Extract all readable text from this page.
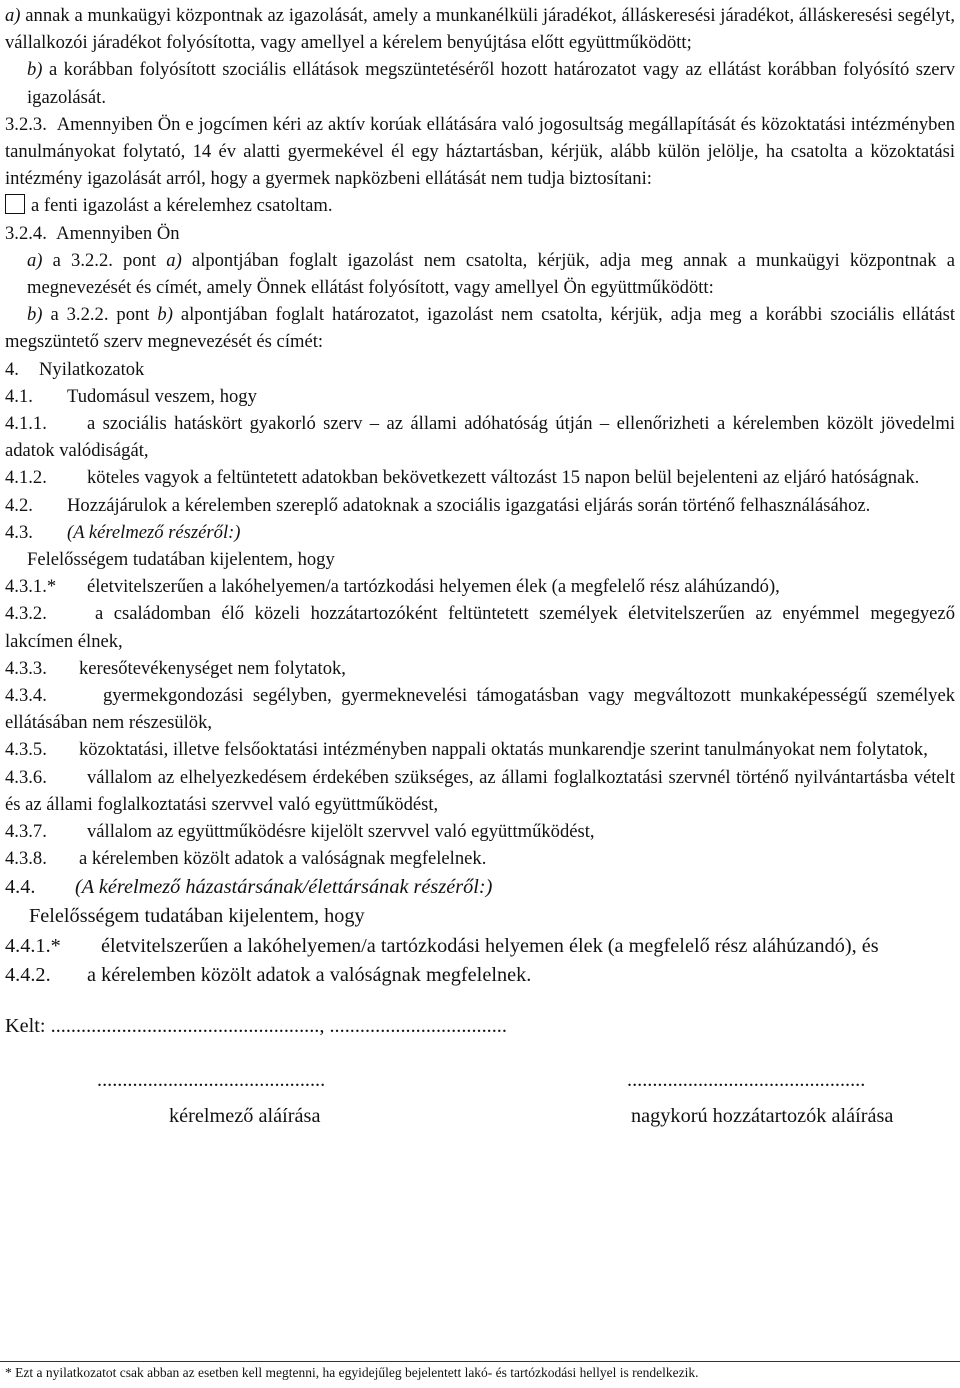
a) annak a munkaügyi központnak az igazolását, amely a munkanélküli járadékot, álláskeresési járadékot, álláskeresési segélyt, vállalkozói járadékot folyósította, vagy amellyel a kérelem benyújtása előtt együttműködött;

b) a korábban folyósított szociális ellátások megszüntetéséről hozott határozatot vagy az ellátást korábban folyósító szerv igazolását.

3.2.3. Amennyiben Ön e jogcímen kéri az aktív korúak ellátására való jogosultság megállapítását és közoktatási intézményben tanulmányokat folytató, 14 év alatti gyermekével él egy háztartásban, kérjük, alább külön jelölje, ha csatolta a közoktatási intézmény igazolását arról, hogy a gyermek napközbeni ellátását nem tudja biztosítani:

a fenti igazolást a kérelemhez csatoltam.

3.2.4. Amennyiben Ön

a) a 3.2.2. pont a) alpontjában foglalt igazolást nem csatolta, kérjük, adja meg annak a munkaügyi központnak a megnevezését és címét, amely Önnek ellátást folyósított, vagy amellyel Ön együttműködött:

b) a 3.2.2. pont b) alpontjában foglalt határozatot, igazolást nem csatolta, kérjük, adja meg a korábbi szociális ellátást megszüntető szerv megnevezését és címét:

4. Nyilatkozatok

4.1. Tudomásul veszem, hogy

4.1.1. a szociális hatáskört gyakorló szerv – az állami adóhatóság útján – ellenőrizheti a kérelemben közölt jövedelmi adatok valódiságát,

4.1.2. köteles vagyok a feltüntetett adatokban bekövetkezett változást 15 napon belül bejelenteni az eljáró hatóságnak.

4.2. Hozzájárulok a kérelemben szereplő adatoknak a szociális igazgatási eljárás során történő felhasználásához.

4.3. (A kérelmező részéről:)

Felelősségem tudatában kijelentem, hogy

4.3.1.* életvitelszerűen a lakóhelyemen/a tartózkodási helyemen élek (a megfelelő rész aláhúzandó),

4.3.2.	a családomban élő közeli hozzátartozóként feltüntetett személyek életvitelszerűen az enyémmel megegyező lakcímen élnek,

4.3.3. keresőtevékenységet nem folytatok,

4.3.4.	gyermekgondozási segélyben, gyermeknevelési támogatásban vagy megváltozott munkaképességű személyek ellátásában nem részesülök,

4.3.5. közoktatási, illetve felsőoktatási intézményben nappali oktatás munkarendje szerint tanulmányokat nem folytatok,

4.3.6. vállalom az elhelyezkedésem érdekében szükséges, az állami foglalkoztatási szervnél történő nyilvántartásba vételt és az állami foglalkoztatási szervvel való együttműködést,

4.3.7. vállalom az együttműködésre kijelölt szervvel való együttműködést,

4.3.8. a kérelemben közölt adatok a valóságnak megfelelnek.

4.4. (A kérelmező házastársának/élettársának részéről:)

Felelősségem tudatában kijelentem, hogy

4.4.1.* életvitelszerűen a lakóhelyemen/a tartózkodási helyemen élek (a megfelelő rész aláhúzandó), és

4.4.2. a kérelemben közölt adatok a valóságnak megfelelnek.

Kelt: ....................................................., ...................................

.............................................	...............................................
kérelmező aláírása	nagykorú hozzátartozók aláírása
* Ezt a nyilatkozatot csak abban az esetben kell megtenni, ha egyidejűleg bejelentett lakó- és tartózkodási hellyel is rendelkezik.
